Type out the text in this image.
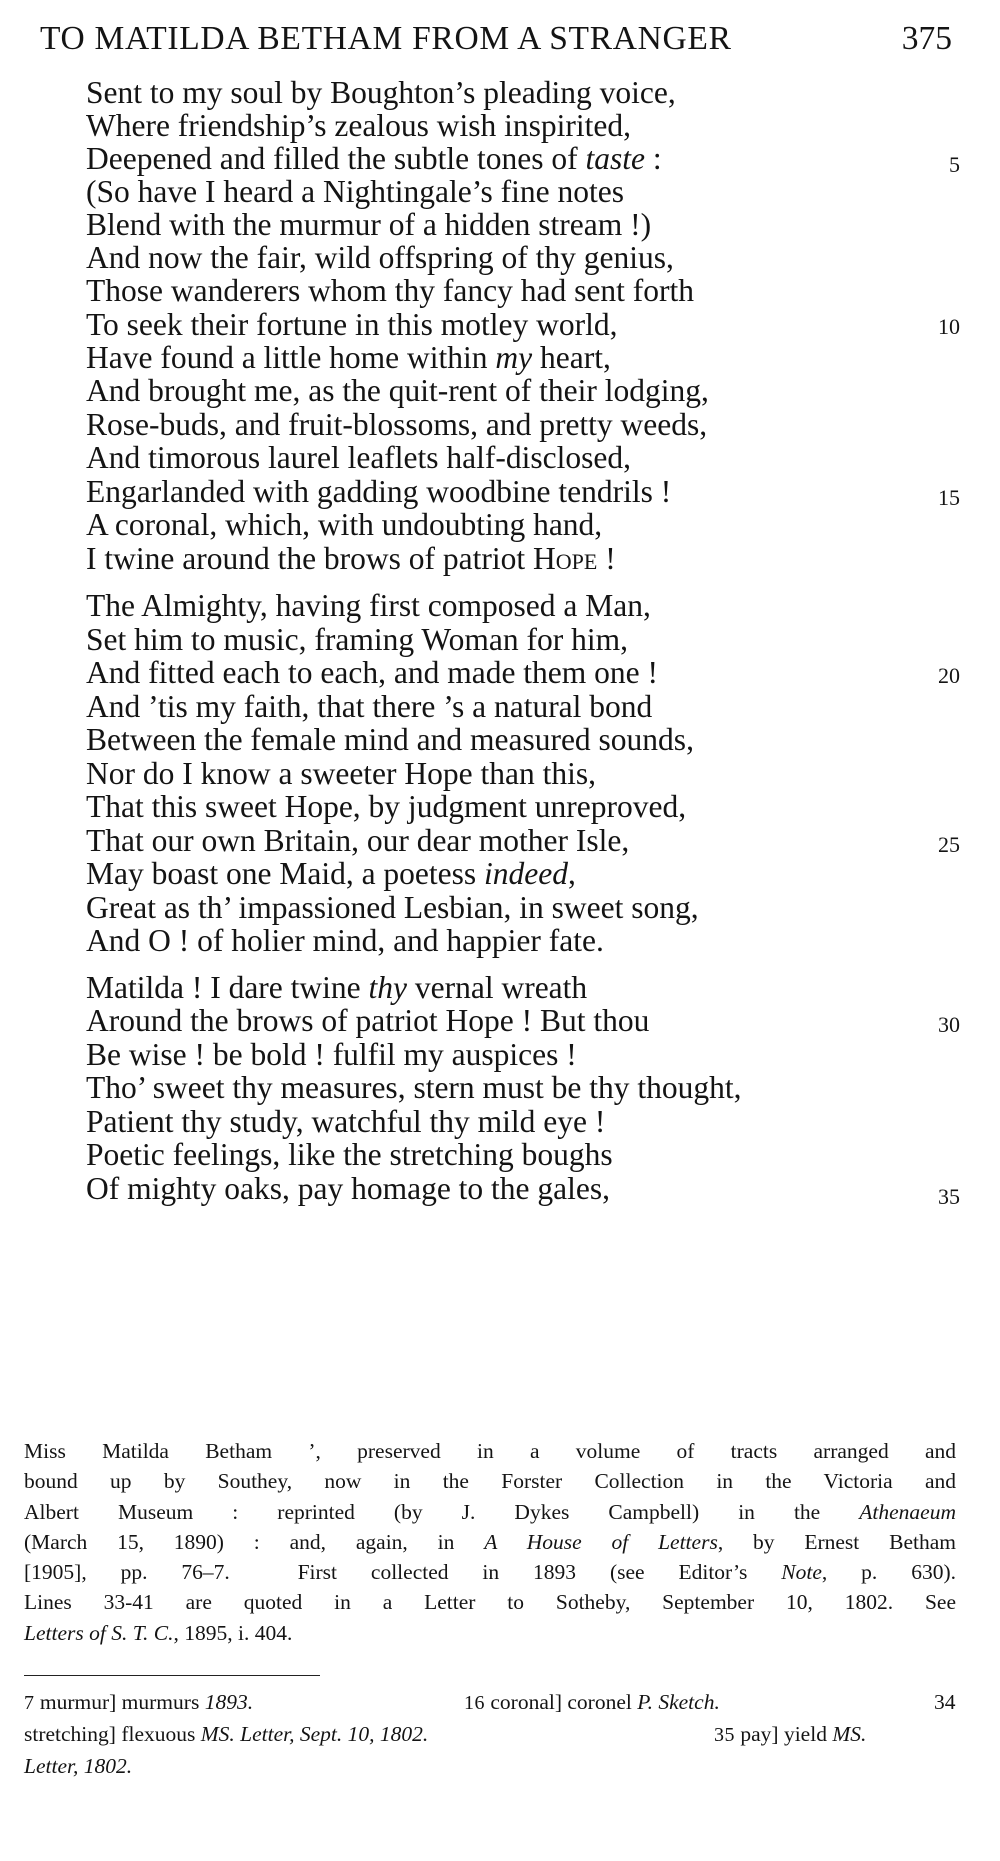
TO MATILDA BETHAM FROM A STRANGER	375
Sent to my soul by Boughton’s pleading voice,
Where friendship’s zealous wish inspirited,
Deepened and filled the subtle tones of taste :	5
(So have I heard a Nightingale’s fine notes
Blend with the murmur of a hidden stream !)
And now the fair, wild offspring of thy genius,
Those wanderers whom thy fancy had sent forth
To seek their fortune in this motley world,	10
Have found a little home within my heart,
And brought me, as the quit-rent of their lodging,
Rose-buds, and fruit-blossoms, and pretty weeds,
And timorous laurel leaflets half-disclosed,
Engarlanded with gadding woodbine tendrils !	15
A coronal, which, with undoubting hand,
I twine around the brows of patriot Hope !
The Almighty, having first composed a Man,
Set him to music, framing Woman for him,
And fitted each to each, and made them one !	20
And ’tis my faith, that there ’s a natural bond
Between the female mind and measured sounds,
Nor do I know a sweeter Hope than this,
That this sweet Hope, by judgment unreproved,
That our own Britain, our dear mother Isle,	25
May boast one Maid, a poetess indeed,
Great as th’ impassioned Lesbian, in sweet song,
And O ! of holier mind, and happier fate.
Matilda ! I dare twine thy vernal wreath
Around the brows of patriot Hope ! But thou	30
Be wise ! be bold ! fulfil my auspices !
Tho’ sweet thy measures, stern must be thy thought,
Patient thy study, watchful thy mild eye !
Poetic feelings, like the stretching boughs
Of mighty oaks, pay homage to the gales,	35
Miss Matilda Betham ’, preserved in a volume of tracts arranged and
bound up by Southey, now in the Forster Collection in the Victoria and
Albert Museum : reprinted (by J. Dykes Campbell) in the Athenaeum
(March 15, 1890) : and, again, in A House of Letters, by Ernest Betham
[1905], pp. 76–7.  First collected in 1893 (see Editor’s Note, p. 630).
Lines 33-41 are quoted in a Letter to Sotheby, September 10, 1802. See
Letters of S. T. C., 1895, i. 404.
7 murmur] murmurs 1893.	16 coronal] coronel P. Sketch.	34
stretching] flexuous MS. Letter, Sept. 10, 1802.	35 pay] yield MS.
Letter, 1802.
